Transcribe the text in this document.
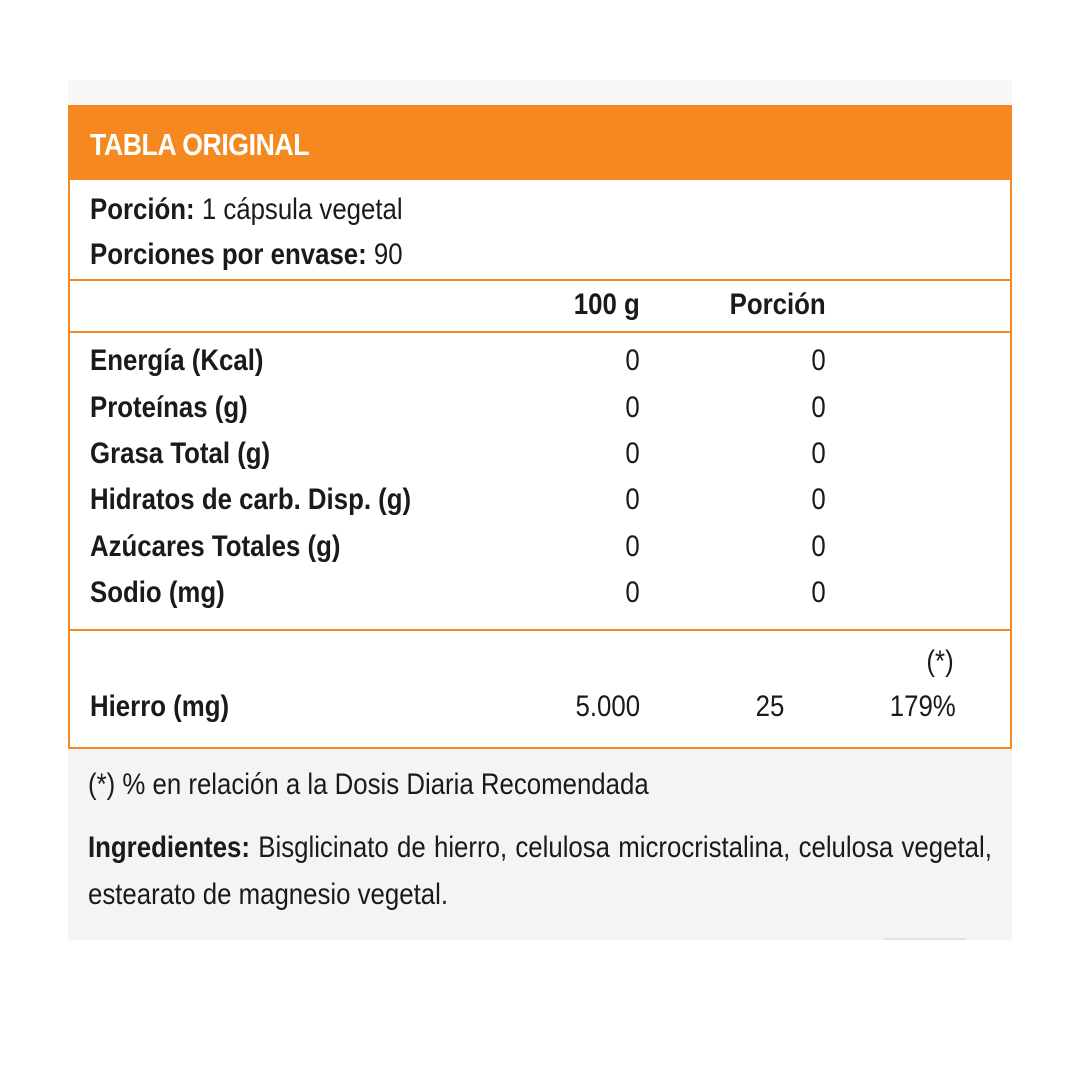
TABLA ORIGINAL
Porción: 1 cápsula vegetal
Porciones por envase: 90
100 g	Porción
Energía (Kcal)	0	0
Proteínas (g)	0	0
Grasa Total (g)	0	0
Hidratos de carb. Disp. (g)	0	0
Azúcares Totales (g)	0	0
Sodio (mg)	0	0
(*)
Hierro (mg)	5.000	25	179%
(*) % en relación a la Dosis Diaria Recomendada
Ingredientes: Bisglicinato de hierro, celulosa microcristalina, celulosa vegetal, estearato de magnesio vegetal.
